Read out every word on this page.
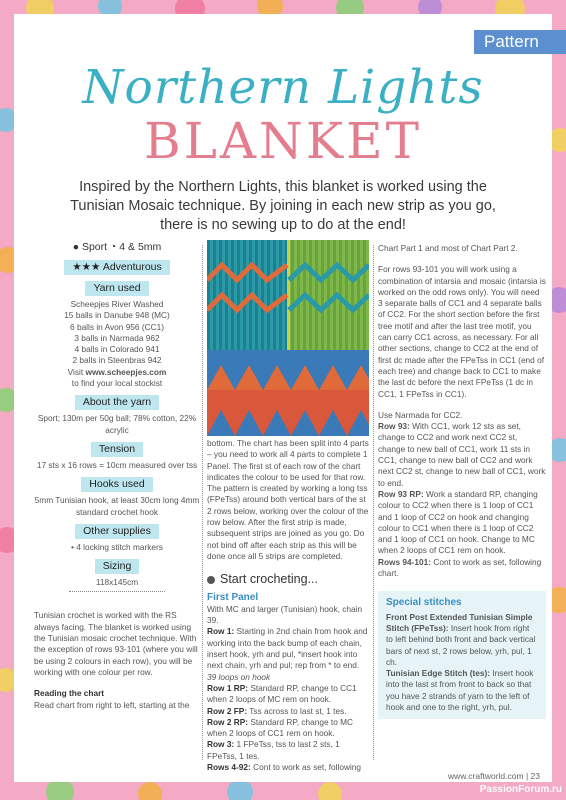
Pattern
Northern Lights
BLANKET
Inspired by the Northern Lights, this blanket is worked using the Tunisian Mosaic technique. By joining in each new strip as you go, there is no sewing up to do at the end!
● Sport ◔ 4 & 5mm
★★★ Adventurous
Yarn used
Scheepjes River Washed
15 balls in Danube 948 (MC)
6 balls in Avon 956 (CC1)
3 balls in Narmada 962
4 balls in Colorado 941
2 balls in Steenbras 942
Visit www.scheepjes.com
to find your local stockist
About the yarn
Sport; 130m per 50g ball; 78% cotton, 22% acrylic
Tension
17 sts x 16 rows = 10cm measured over tss
Hooks used
5mm Tunisian hook, at least 30cm long 4mm standard crochet hook
Other supplies
• 4 locking stitch markers
Sizing
118x145cm
Tunisian crochet is worked with the RS always facing. The blanket is worked using the Tunisian mosaic crochet technique. With the exception of rows 93-101 (where you will be using 2 colours in each row), you will be working with one colour per row.
Reading the chart
Read chart from right to left, starting at the
bottom. The chart has been split into 4 parts – you need to work all 4 parts to complete 1 Panel. The first st of each row of the chart indicates the colour to be used for that row. The pattern is created by working a long tss (FPeTss) around both vertical bars of the st 2 rows below, working over the colour of the row below. After the first strip is made, subsequent strips are joined as you go. Do not bind off after each strip as this will be done once all 5 strips are completed.
Start crocheting...
First Panel
With MC and larger (Tunisian) hook, chain 39.
Row 1: Starting in 2nd chain from hook and working into the back bump of each chain, insert hook, yrh and pul, *insert hook into next chain, yrh and pul; rep from * to end. 39 loops on hook
Row 1 RP: Standard RP, change to CC1 when 2 loops of MC rem on hook.
Row 2 FP: Tss across to last st, 1 tes.
Row 2 RP: Standard RP, change to MC when 2 loops of CC1 rem on hook.
Row 3: 1 FPeTss, tss to last 2 sts, 1 FPeTss, 1 tes.
Rows 4-92: Cont to work as set, following

Chart Part 1 and most of Chart Part 2.

For rows 93-101 you will work using a combination of intarsia and mosaic (intarsia is worked on the odd rows only). You will need 3 separate balls of CC1 and 4 separate balls of CC2. For the short section before the first tree motif and after the last tree motif, you can carry CC1 across, as necessary. For all other sections, change to CC2 at the end of first dc made after the FPeTss in CC1 (end of each tree) and change back to CC1 to make the last dc before the next FPeTss (1 dc in CC1, 1 FPeTss in CC1).

Use Narmada for CC2.
Row 93: With CC1, work 12 sts as set, change to CC2 and work next CC2 st, change to new ball of CC1, work 11 sts in CC1, change to new ball of CC2 and work next CC2 st, change to new ball of CC1, work to end.
Row 93 RP: Work a standard RP, changing colour to CC2 when there is 1 loop of CC1 and 1 loop of CC2 on hook and changing colour to CC1 when there is 1 loop of CC2 and 1 loop of CC1 on hook. Change to MC when 2 loops of CC1 rem on hook.
Rows 94-101: Cont to work as set, following chart.
Special stitches
Front Post Extended Tunisian Simple Stitch (FPeTss): Insert hook from right to left behind both front and back vertical bars of next st, 2 rows below, yrh, pul, 1 ch.
Tunisian Edge Stitch (tes): Insert hook into the last st from front to back so that you have 2 strands of yarn to the left of hook and one to the right, yrh, pul.
www.craftworld.com | 23
PassionForum.ru
